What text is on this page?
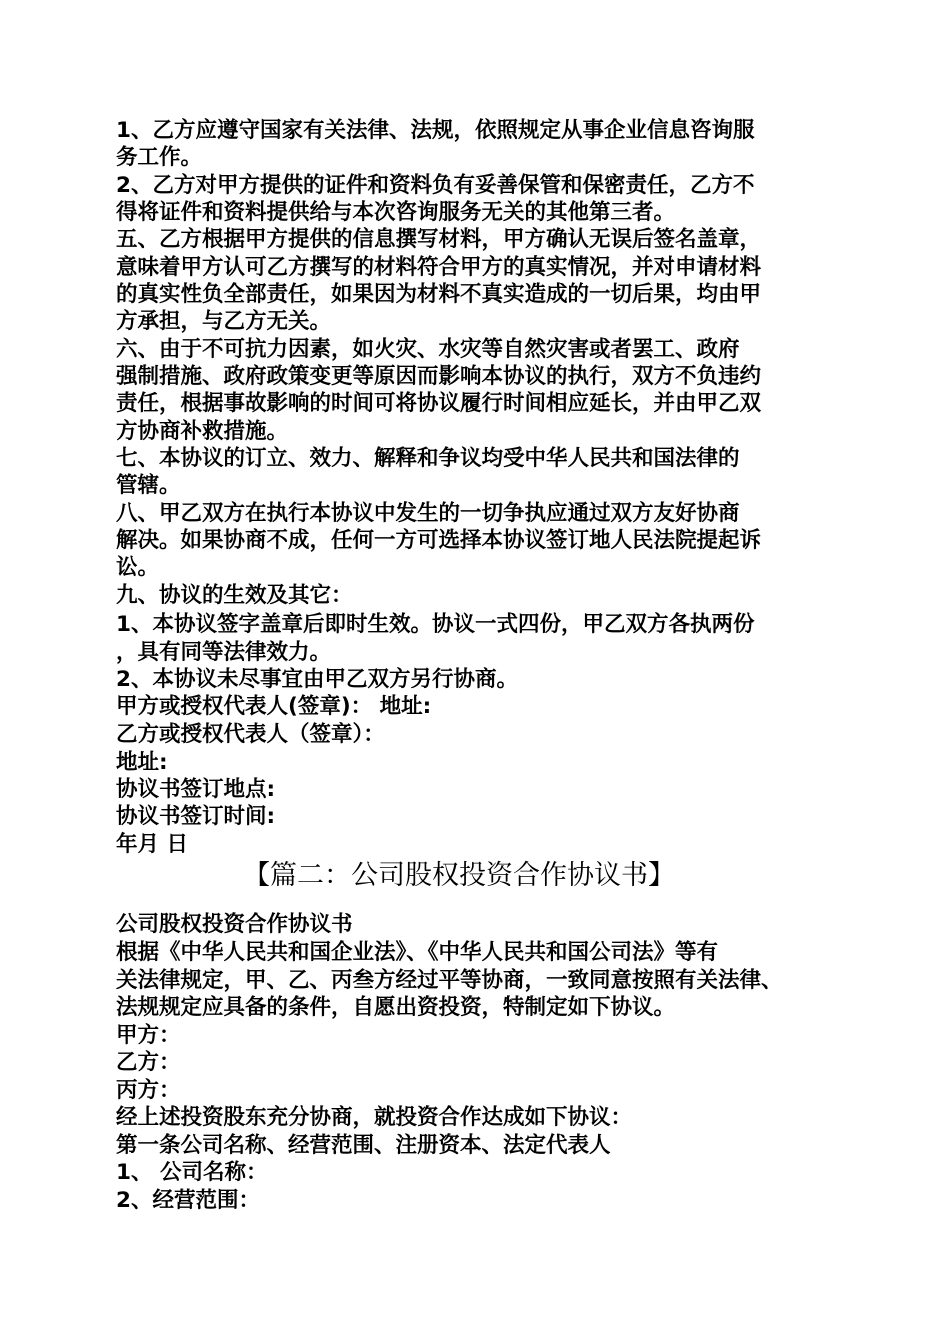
1、乙方应遵守国家有关法律、法规，依照规定从事企业信息咨询服
务工作。
2、乙方对甲方提供的证件和资料负有妥善保管和保密责任，乙方不
得将证件和资料提供给与本次咨询服务无关的其他第三者。
五、乙方根据甲方提供的信息撰写材料，甲方确认无误后签名盖章，
意味着甲方认可乙方撰写的材料符合甲方的真实情况，并对申请材料
的真实性负全部责任，如果因为材料不真实造成的一切后果，均由甲
方承担，与乙方无关。
六、由于不可抗力因素，如火灾、水灾等自然灾害或者罢工、政府
强制措施、政府政策变更等原因而影响本协议的执行，双方不负违约
责任，根据事故影响的时间可将协议履行时间相应延长，并由甲乙双
方协商补救措施。
七、本协议的订立、效力、解释和争议均受中华人民共和国法律的
管辖。
八、甲乙双方在执行本协议中发生的一切争执应通过双方友好协商
解决。如果协商不成，任何一方可选择本协议签订地人民法院提起诉
讼。
九、协议的生效及其它：
1、本协议签字盖章后即时生效。协议一式四份，甲乙双方各执两份
，具有同等法律效力。
2、本协议未尽事宜由甲乙双方另行协商。
甲方或授权代表人(签章)： 地址:
乙方或授权代表人（签章）：
地址:
协议书签订地点:
协议书签订时间:
年月 日
【篇二：公司股权投资合作协议书】
公司股权投资合作协议书
根据《中华人民共和国企业法》、《中华人民共和国公司法》等有
关法律规定，甲、乙、丙叁方经过平等协商，一致同意按照有关法律、
法规规定应具备的条件，自愿出资投资，特制定如下协议。
甲方：
乙方：
丙方：
经上述投资股东充分协商，就投资合作达成如下协议：
第一条公司名称、经营范围、注册资本、法定代表人
1、 公司名称：
2、经营范围：
